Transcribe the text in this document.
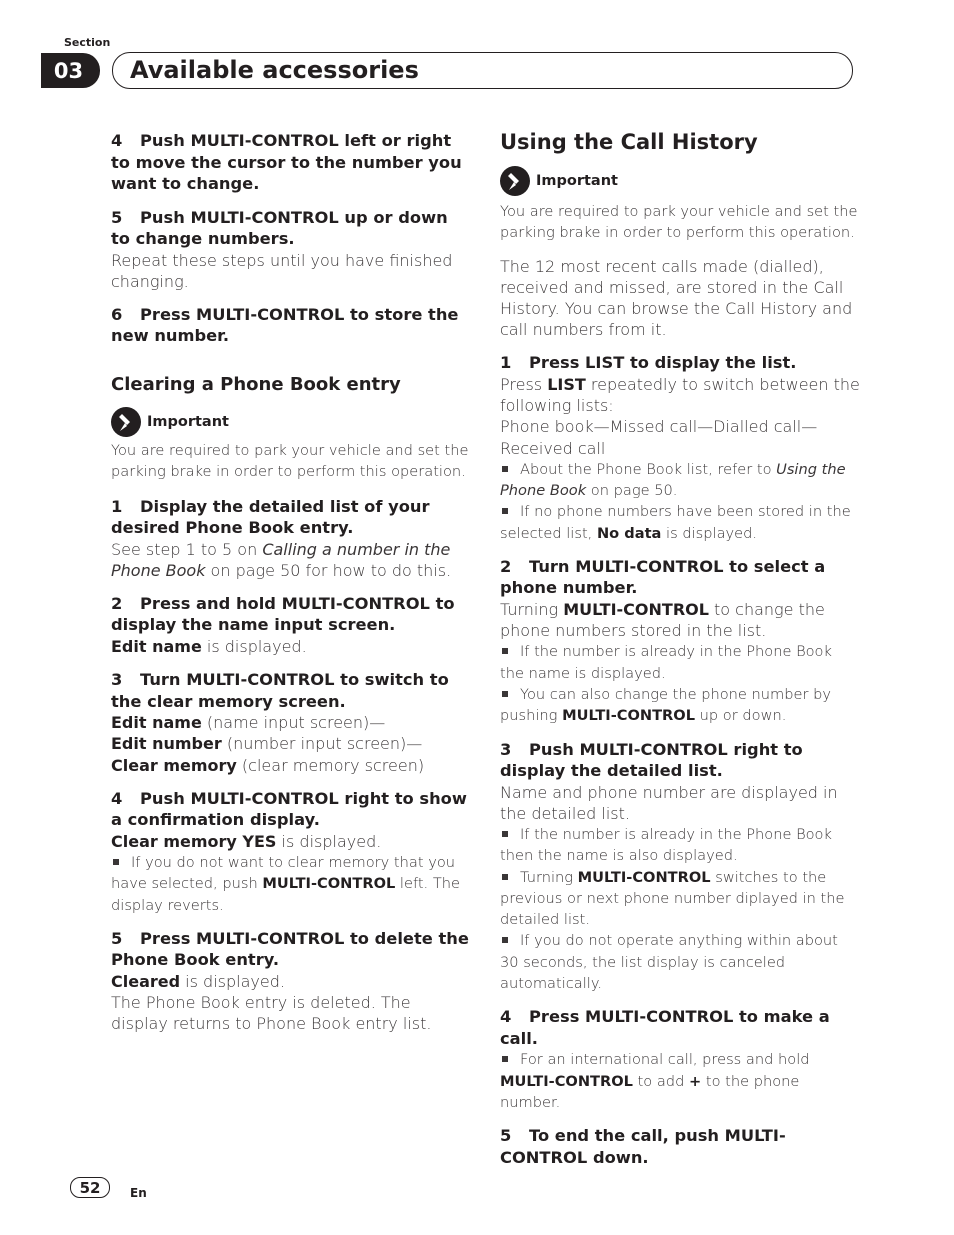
Section
03	Available accessories

4 Push MULTI-CONTROL left or right to move the cursor to the number you want to change.

5 Push MULTI-CONTROL up or down to change numbers.

Repeat these steps until you have finished changing.

6 Press MULTI-CONTROL to store the new number.

Clearing a Phone Book entry

Important

You are required to park your vehicle and set the parking brake in order to perform this operation.

1 Display the detailed list of your desired Phone Book entry.

See step 1 to 5 on Calling a number in the Phone Book on page 50 for how to do this.

2 Press and hold MULTI-CONTROL to display the name input screen.

Edit name is displayed.

3 Turn MULTI-CONTROL to switch to the clear memory screen.

Edit name (name input screen)—

Edit number (number input screen)—

Clear memory (clear memory screen)

4 Push MULTI-CONTROL right to show a confirmation display.

Clear memory YES is displayed.

If you do not want to clear memory that you have selected, push MULTI-CONTROL left. The display reverts.

5 Press MULTI-CONTROL to delete the Phone Book entry.

Cleared is displayed.

The Phone Book entry is deleted. The display returns to Phone Book entry list.

Using the Call History

Important

You are required to park your vehicle and set the parking brake in order to perform this operation.

The 12 most recent calls made (dialled), received and missed, are stored in the Call History. You can browse the Call History and call numbers from it.

1 Press LIST to display the list.

Press LIST repeatedly to switch between the following lists:

Phone book—Missed call—Dialled call—Received call

About the Phone Book list, refer to Using the Phone Book on page 50.

If no phone numbers have been stored in the selected list, No data is displayed.

2 Turn MULTI-CONTROL to select a phone number.

Turning MULTI-CONTROL to change the phone numbers stored in the list.

If the number is already in the Phone Book the name is displayed.

You can also change the phone number by pushing MULTI-CONTROL up or down.

3 Push MULTI-CONTROL right to display the detailed list.

Name and phone number are displayed in the detailed list.

If the number is already in the Phone Book then the name is also displayed.

Turning MULTI-CONTROL switches to the previous or next phone number diplayed in the detailed list.

If you do not operate anything within about 30 seconds, the list display is canceled automatically.

4 Press MULTI-CONTROL to make a call.

For an international call, press and hold MULTI-CONTROL to add + to the phone number.

5 To end the call, push MULTI-CONTROL down.

52	En
